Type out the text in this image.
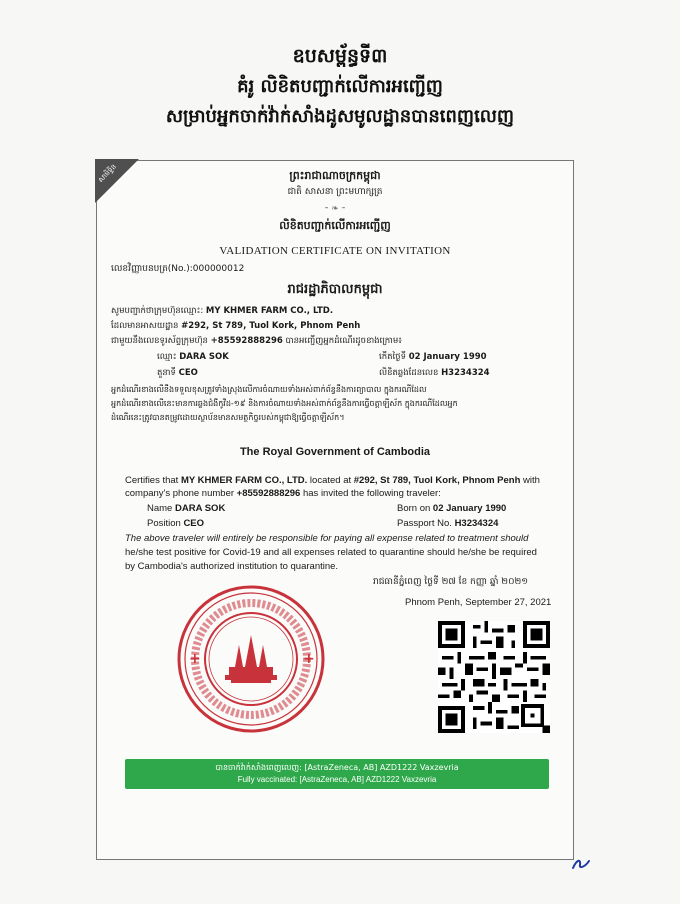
ឧបសម្ព័ន្ធទី៣
គំរូ លិខិតបញ្ជាក់លើការអញ្ជើញ
សម្រាប់អ្នកចាក់វ៉ាក់សាំងដូសមូលដ្ឋានបានពេញលេញ
សាមិទ្ធិន	ព្រះរាជាណាចក្រកម្ពុជា
ជាតិ សាសនា ព្រះមហាក្សត្រ
⁃ ❧ ⁃
លិខិតបញ្ជាក់លើការអញ្ជើញ
VALIDATION CERTIFICATE ON INVITATION
លេខវិញ្ញាបនបត្រ(No.):000000012
រាជរដ្ឋាភិបាលកម្ពុជា
សូមបញ្ជាក់ថាក្រុមហ៊ុនឈ្មោះ: MY KHMER FARM CO., LTD.
ដែលមានអាសយដ្ឋាន #292, St 789, Tuol Kork, Phnom Penh
ជាមួយនឹងលេខទូរស័ព្ទក្រុមហ៊ុន +85592888296 បានអញ្ជើញអ្នកដំណើរដូចខាងក្រោម៖
ឈ្មោះ DARA SOK	កើតថ្ងៃទី 02 January 1990
តួនាទី CEO	លិខិតឆ្លងដែនលេខ H3234324
អ្នកដំណើរខាងលើនឹងទទួលខុសត្រូវទាំងស្រុងលើការចំណាយទាំងអស់ពាក់ព័ន្ធនឹងការព្យាបាល ក្នុងករណីដែល
អ្នកដំណើរខាងលើនេះមានការឆ្លងជំងឺកូវីដ-១៩ និងការចំណាយទាំងអស់ពាក់ព័ន្ធនឹងការធ្វើចត្តាឡីស័ក ក្នុងករណីដែលអ្នក
ដំណើរនេះត្រូវបានតម្រូវដោយស្ថាប័នមានសមត្ថកិច្ចរបស់កម្ពុជាឱ្យធ្វើចត្តាឡីស័ក។
The Royal Government of Cambodia
Certifies that MY KHMER FARM CO., LTD. located at #292, St 789, Tuol Kork, Phnom Penh with
company's phone number +85592888296 has invited the following traveler:
Name DARA SOK	Born on 02 January 1990
Position CEO	Passport No. H3234324
The above traveler will entirely be responsible for paying all expense related to treatment should
he/she test positive for Covid-19 and all expenses related to quarantine should he/she be required
by Cambodia's authorized institution to quarantine.
រាជធានីភ្នំពេញ ថ្ងៃទី ២៧ ខែ កញ្ញា ឆ្នាំ ២០២១
Phnom Penh, September 27, 2021
+	+
បានចាក់វ៉ាក់សាំងពេញលេញ: [AstraZeneca, AB] AZD1222 Vaxzevria
Fully vaccinated: [AstraZeneca, AB] AZD1222 Vaxzevria
